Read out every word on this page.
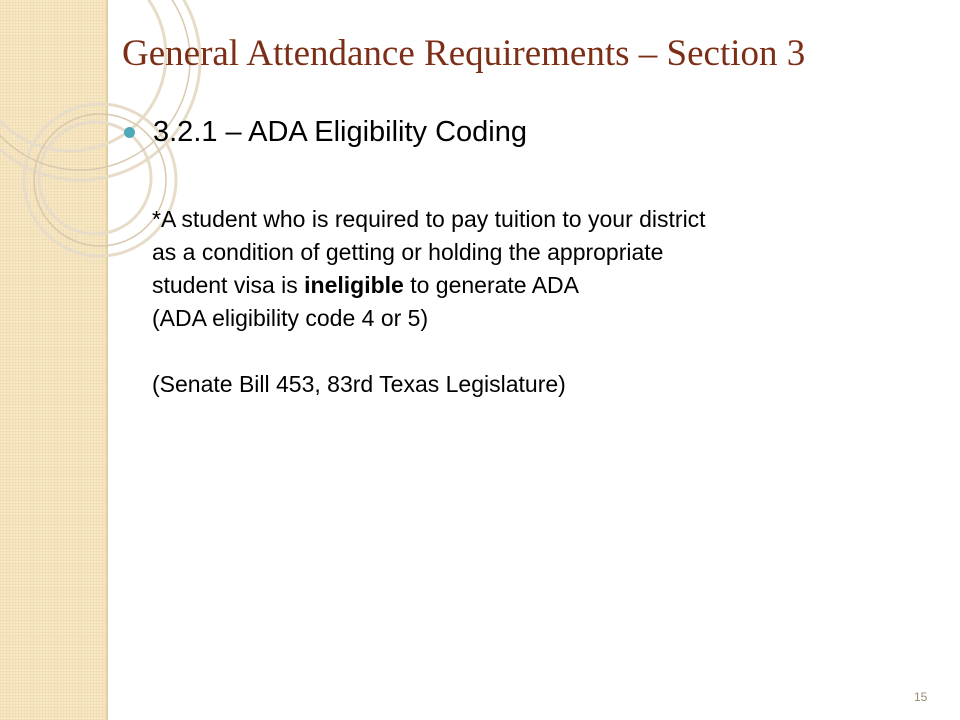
General Attendance Requirements – Section 3
3.2.1 – ADA Eligibility Coding

*A student who is required to pay tuition to your district

as a condition of getting or holding the appropriate

student visa is ineligible to generate ADA

(ADA eligibility code 4 or 5)

(Senate Bill 453, 83rd Texas Legislature)

15
